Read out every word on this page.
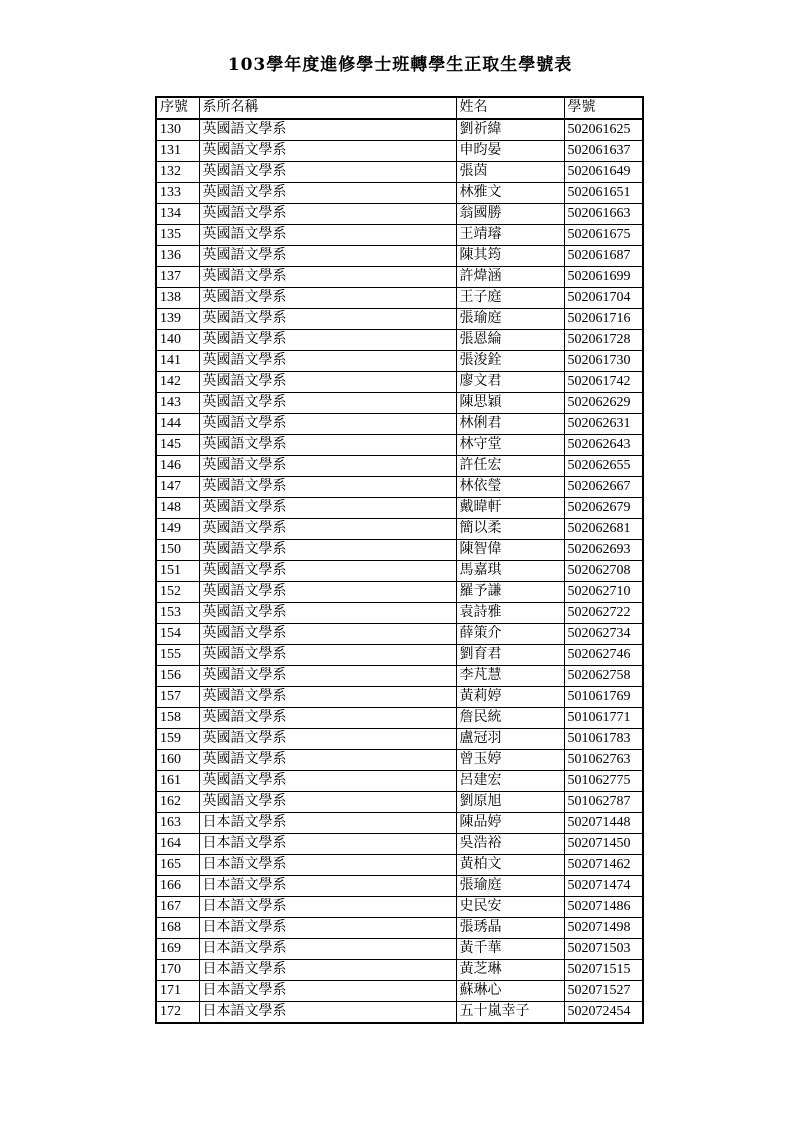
103學年度進修學士班轉學生正取生學號表
序號	系所名稱	姓名	學號
130	英國語文學系	劉祈緯	502061625
131	英國語文學系	申昀晏	502061637
132	英國語文學系	張茵	502061649
133	英國語文學系	林雅文	502061651
134	英國語文學系	翁國勝	502061663
135	英國語文學系	王靖璿	502061675
136	英國語文學系	陳其筠	502061687
137	英國語文學系	許煒涵	502061699
138	英國語文學系	王子庭	502061704
139	英國語文學系	張瑜庭	502061716
140	英國語文學系	張恩綸	502061728
141	英國語文學系	張浚銓	502061730
142	英國語文學系	廖文君	502061742
143	英國語文學系	陳思穎	502062629
144	英國語文學系	林俐君	502062631
145	英國語文學系	林守堂	502062643
146	英國語文學系	許任宏	502062655
147	英國語文學系	林依瑩	502062667
148	英國語文學系	戴暐軒	502062679
149	英國語文學系	簡以柔	502062681
150	英國語文學系	陳智偉	502062693
151	英國語文學系	馬嘉琪	502062708
152	英國語文學系	羅予謙	502062710
153	英國語文學系	袁詩雅	502062722
154	英國語文學系	薛策介	502062734
155	英國語文學系	劉育君	502062746
156	英國語文學系	李芃慧	502062758
157	英國語文學系	黃莉婷	501061769
158	英國語文學系	詹民統	501061771
159	英國語文學系	盧冠羽	501061783
160	英國語文學系	曾玉婷	501062763
161	英國語文學系	呂建宏	501062775
162	英國語文學系	劉原旭	501062787
163	日本語文學系	陳品婷	502071448
164	日本語文學系	吳浩裕	502071450
165	日本語文學系	黃柏文	502071462
166	日本語文學系	張瑜庭	502071474
167	日本語文學系	史民安	502071486
168	日本語文學系	張琇晶	502071498
169	日本語文學系	黃千華	502071503
170	日本語文學系	黃芝琳	502071515
171	日本語文學系	蘇琳心	502071527
172	日本語文學系	五十嵐幸子	502072454
